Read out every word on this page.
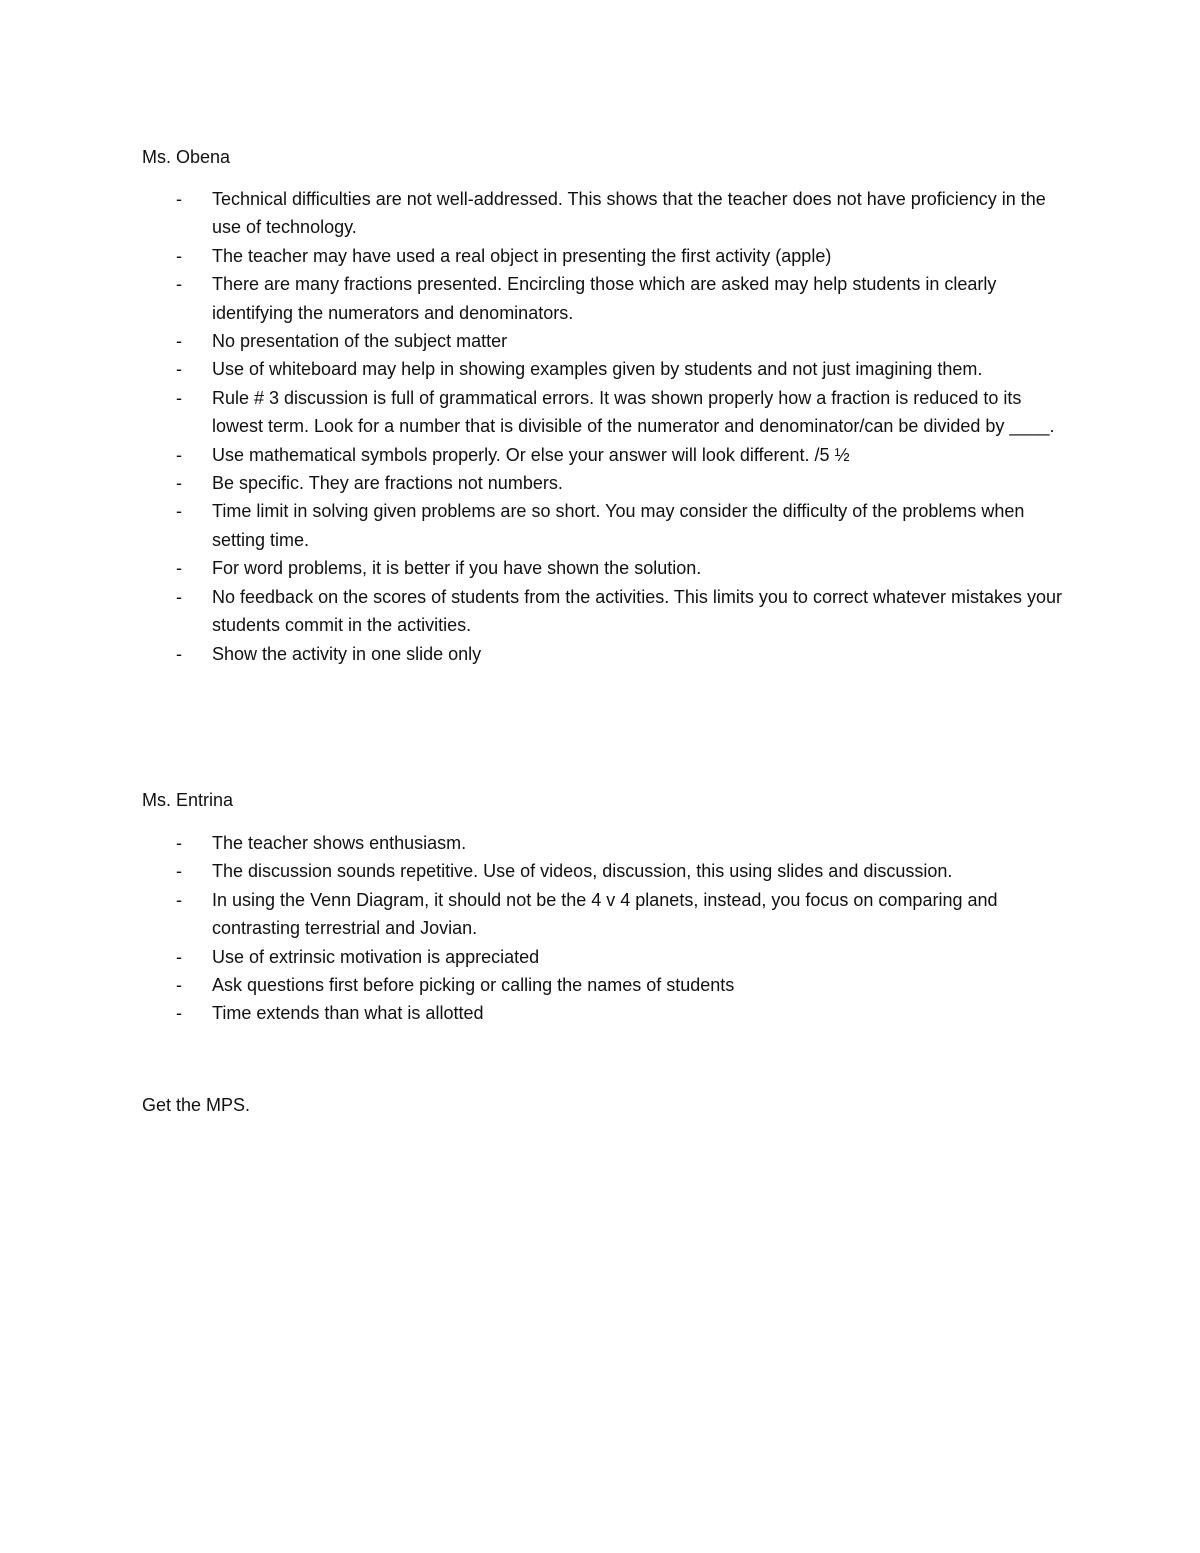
Ms. Obena

- Technical difficulties are not well-addressed. This shows that the teacher does not have proficiency in the use of technology.
- The teacher may have used a real object in presenting the first activity (apple)
- There are many fractions presented. Encircling those which are asked may help students in clearly identifying the numerators and denominators.
- No presentation of the subject matter
- Use of whiteboard may help in showing examples given by students and not just imagining them.
- Rule # 3 discussion is full of grammatical errors. It was shown properly how a fraction is reduced to its lowest term. Look for a number that is divisible of the numerator and denominator/can be divided by ____.
- Use mathematical symbols properly. Or else your answer will look different. /5 ½
- Be specific. They are fractions not numbers.
- Time limit in solving given problems are so short. You may consider the difficulty of the problems when setting time.
- For word problems, it is better if you have shown the solution.
- No feedback on the scores of students from the activities. This limits you to correct whatever mistakes your students commit in the activities.
- Show the activity in one slide only

Ms. Entrina

- The teacher shows enthusiasm.
- The discussion sounds repetitive. Use of videos, discussion, this using slides and discussion.
- In using the Venn Diagram, it should not be the 4 v 4 planets, instead, you focus on comparing and contrasting terrestrial and Jovian.
- Use of extrinsic motivation is appreciated
- Ask questions first before picking or calling the names of students
- Time extends than what is allotted

Get the MPS.
